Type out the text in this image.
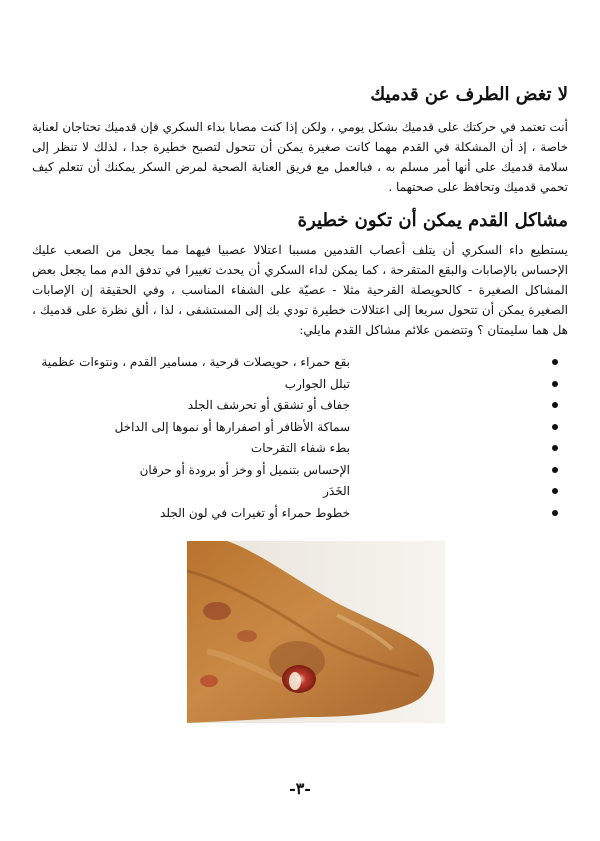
لا تغض الطرف عن قدميك

أنت تعتمد في حركتك على قدميك بشكل يومي ، ولكن إذا كنت مصابا بداء السكري فإن قدميك تحتاجان لعناية خاصة ، إذ أن المشكلة في القدم مهما كانت صغيرة يمكن أن تتحول لتصبح خطيرة جدا ، لذلك لا تنظر إلى سلامة قدميك على أنها أمر مسلم به ، فبالعمل مع فريق العناية الصحية لمرض السكر يمكنك أن تتعلم كيف تحمي قدميك وتحافظ على صحتهما .

مشاكل القدم يمكن أن تكون خطيرة

يستطيع داء السكري أن يتلف أعصاب القدمين مسببا اعتلالا عصبيا فيهما مما يجعل من الصعب عليك الإحساس بالإصابات والبقع المتقرحة ، كما يمكن لداء السكري أن يحدث تغييرا في تدفق الدم مما يجعل بعض المشاكل الصغيرة - كالحويصلة القرحية مثلا - عصيّة على الشفاء المناسب ، وفي الحقيقة إن الإصابات الصغيرة يمكن أن تتحول سريعا إلى اعتلالات خطيرة تودي بك إلى المستشفى ، لذا ، ألق نظرة على قدميك ، هل هما سليمتان ؟ وتتضمن علائم مشاكل القدم مايلي:

بقع حمراء ، حويصلات قرحية ، مسامير القدم ، ونتوءات عظمية
تبلل الجوارب
جفاف أو تشقق أو تحرشف الجلد
سماكة الأظافر أو اصفرارها أو نموها إلى الداخل
بطء شفاء التقرحات
الإحساس بتنميل أو وخز أو برودة أو حرقان
الخَدَر
خطوط حمراء أو تغيرات في لون الجلد
-٣-
